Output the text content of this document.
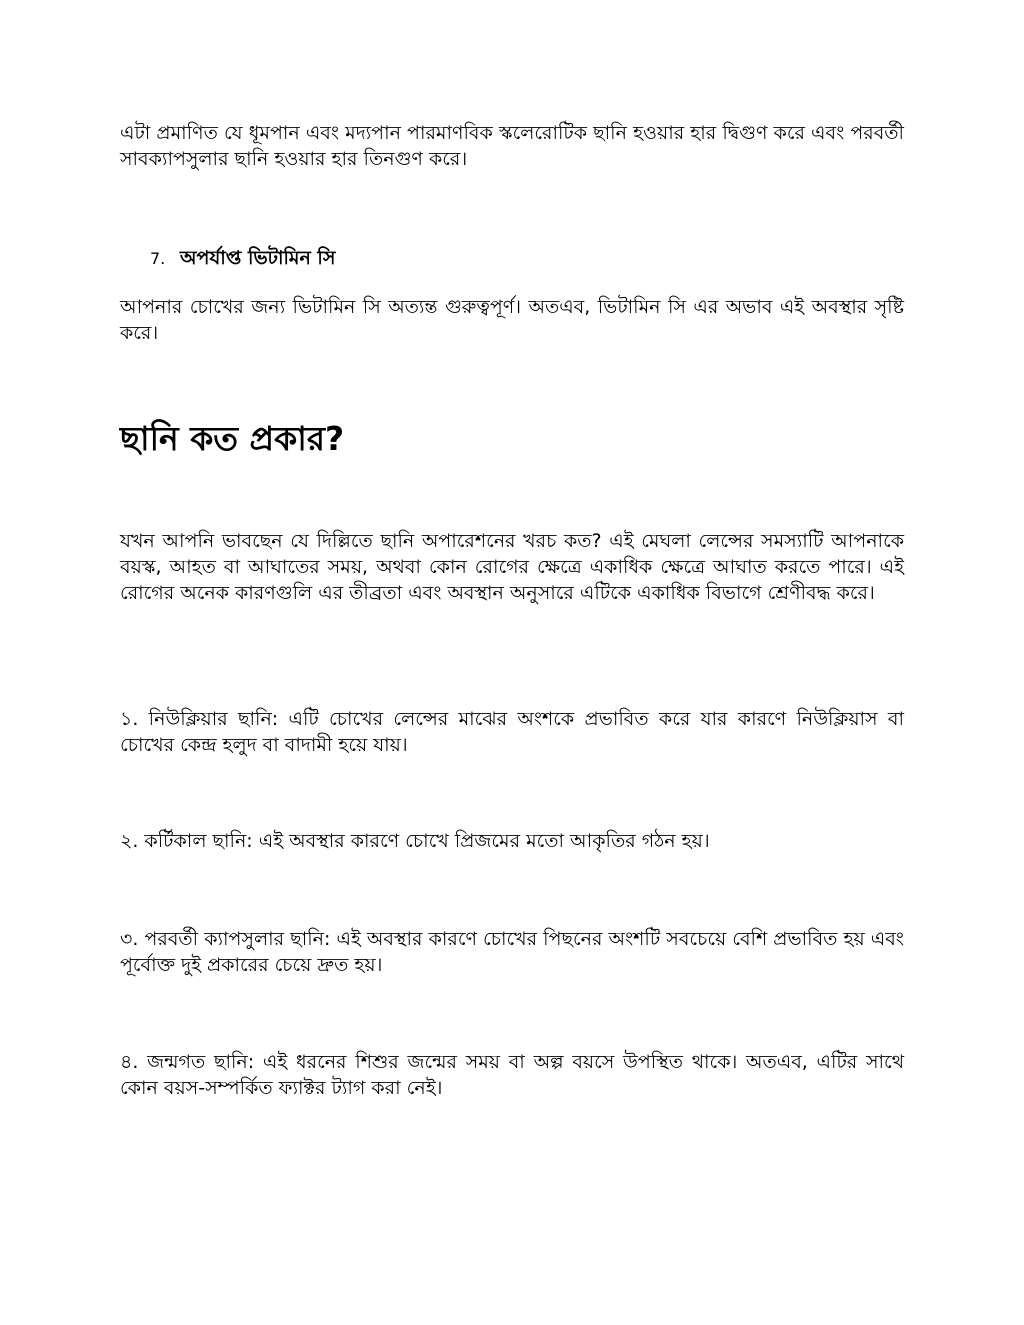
এটা প্রমাণিত যে ধূমপান এবং মদ্যপান পারমাণবিক স্কলেরোটিক ছানি হওয়ার হার দ্বিগুণ করে এবং পরবর্তী সাবক্যাপসুলার ছানি হওয়ার হার তিনগুণ করে।

7. অপর্যাপ্ত ভিটামিন সি

আপনার চোখের জন্য ভিটামিন সি অত্যন্ত গুরুত্বপূর্ণ। অতএব, ভিটামিন সি এর অভাব এই অবস্থার সৃষ্টি করে।

ছানি কত প্রকার?

যখন আপনি ভাবছেন যে দিল্লিতে ছানি অপারেশনের খরচ কত? এই মেঘলা লেন্সের সমস্যাটি আপনাকে বয়স্ক, আহত বা আঘাতের সময়, অথবা কোন রোগের ক্ষেত্রে একাধিক ক্ষেত্রে আঘাত করতে পারে। এই রোগের অনেক কারণগুলি এর তীব্রতা এবং অবস্থান অনুসারে এটিকে একাধিক বিভাগে শ্রেণীবদ্ধ করে।

১. নিউক্লিয়ার ছানি: এটি চোখের লেন্সের মাঝের অংশকে প্রভাবিত করে যার কারণে নিউক্লিয়াস বা চোখের কেন্দ্র হলুদ বা বাদামী হয়ে যায়।

২. কর্টিকাল ছানি: এই অবস্থার কারণে চোখে প্রিজমের মতো আকৃতির গঠন হয়।

৩. পরবর্তী ক্যাপসুলার ছানি: এই অবস্থার কারণে চোখের পিছনের অংশটি সবচেয়ে বেশি প্রভাবিত হয় এবং পূর্বোক্ত দুই প্রকারের চেয়ে দ্রুত হয়।

৪. জন্মগত ছানি: এই ধরনের শিশুর জন্মের সময় বা অল্প বয়সে উপস্থিত থাকে। অতএব, এটির সাথে কোন বয়স-সম্পর্কিত ফ্যাক্টর ট্যাগ করা নেই।
